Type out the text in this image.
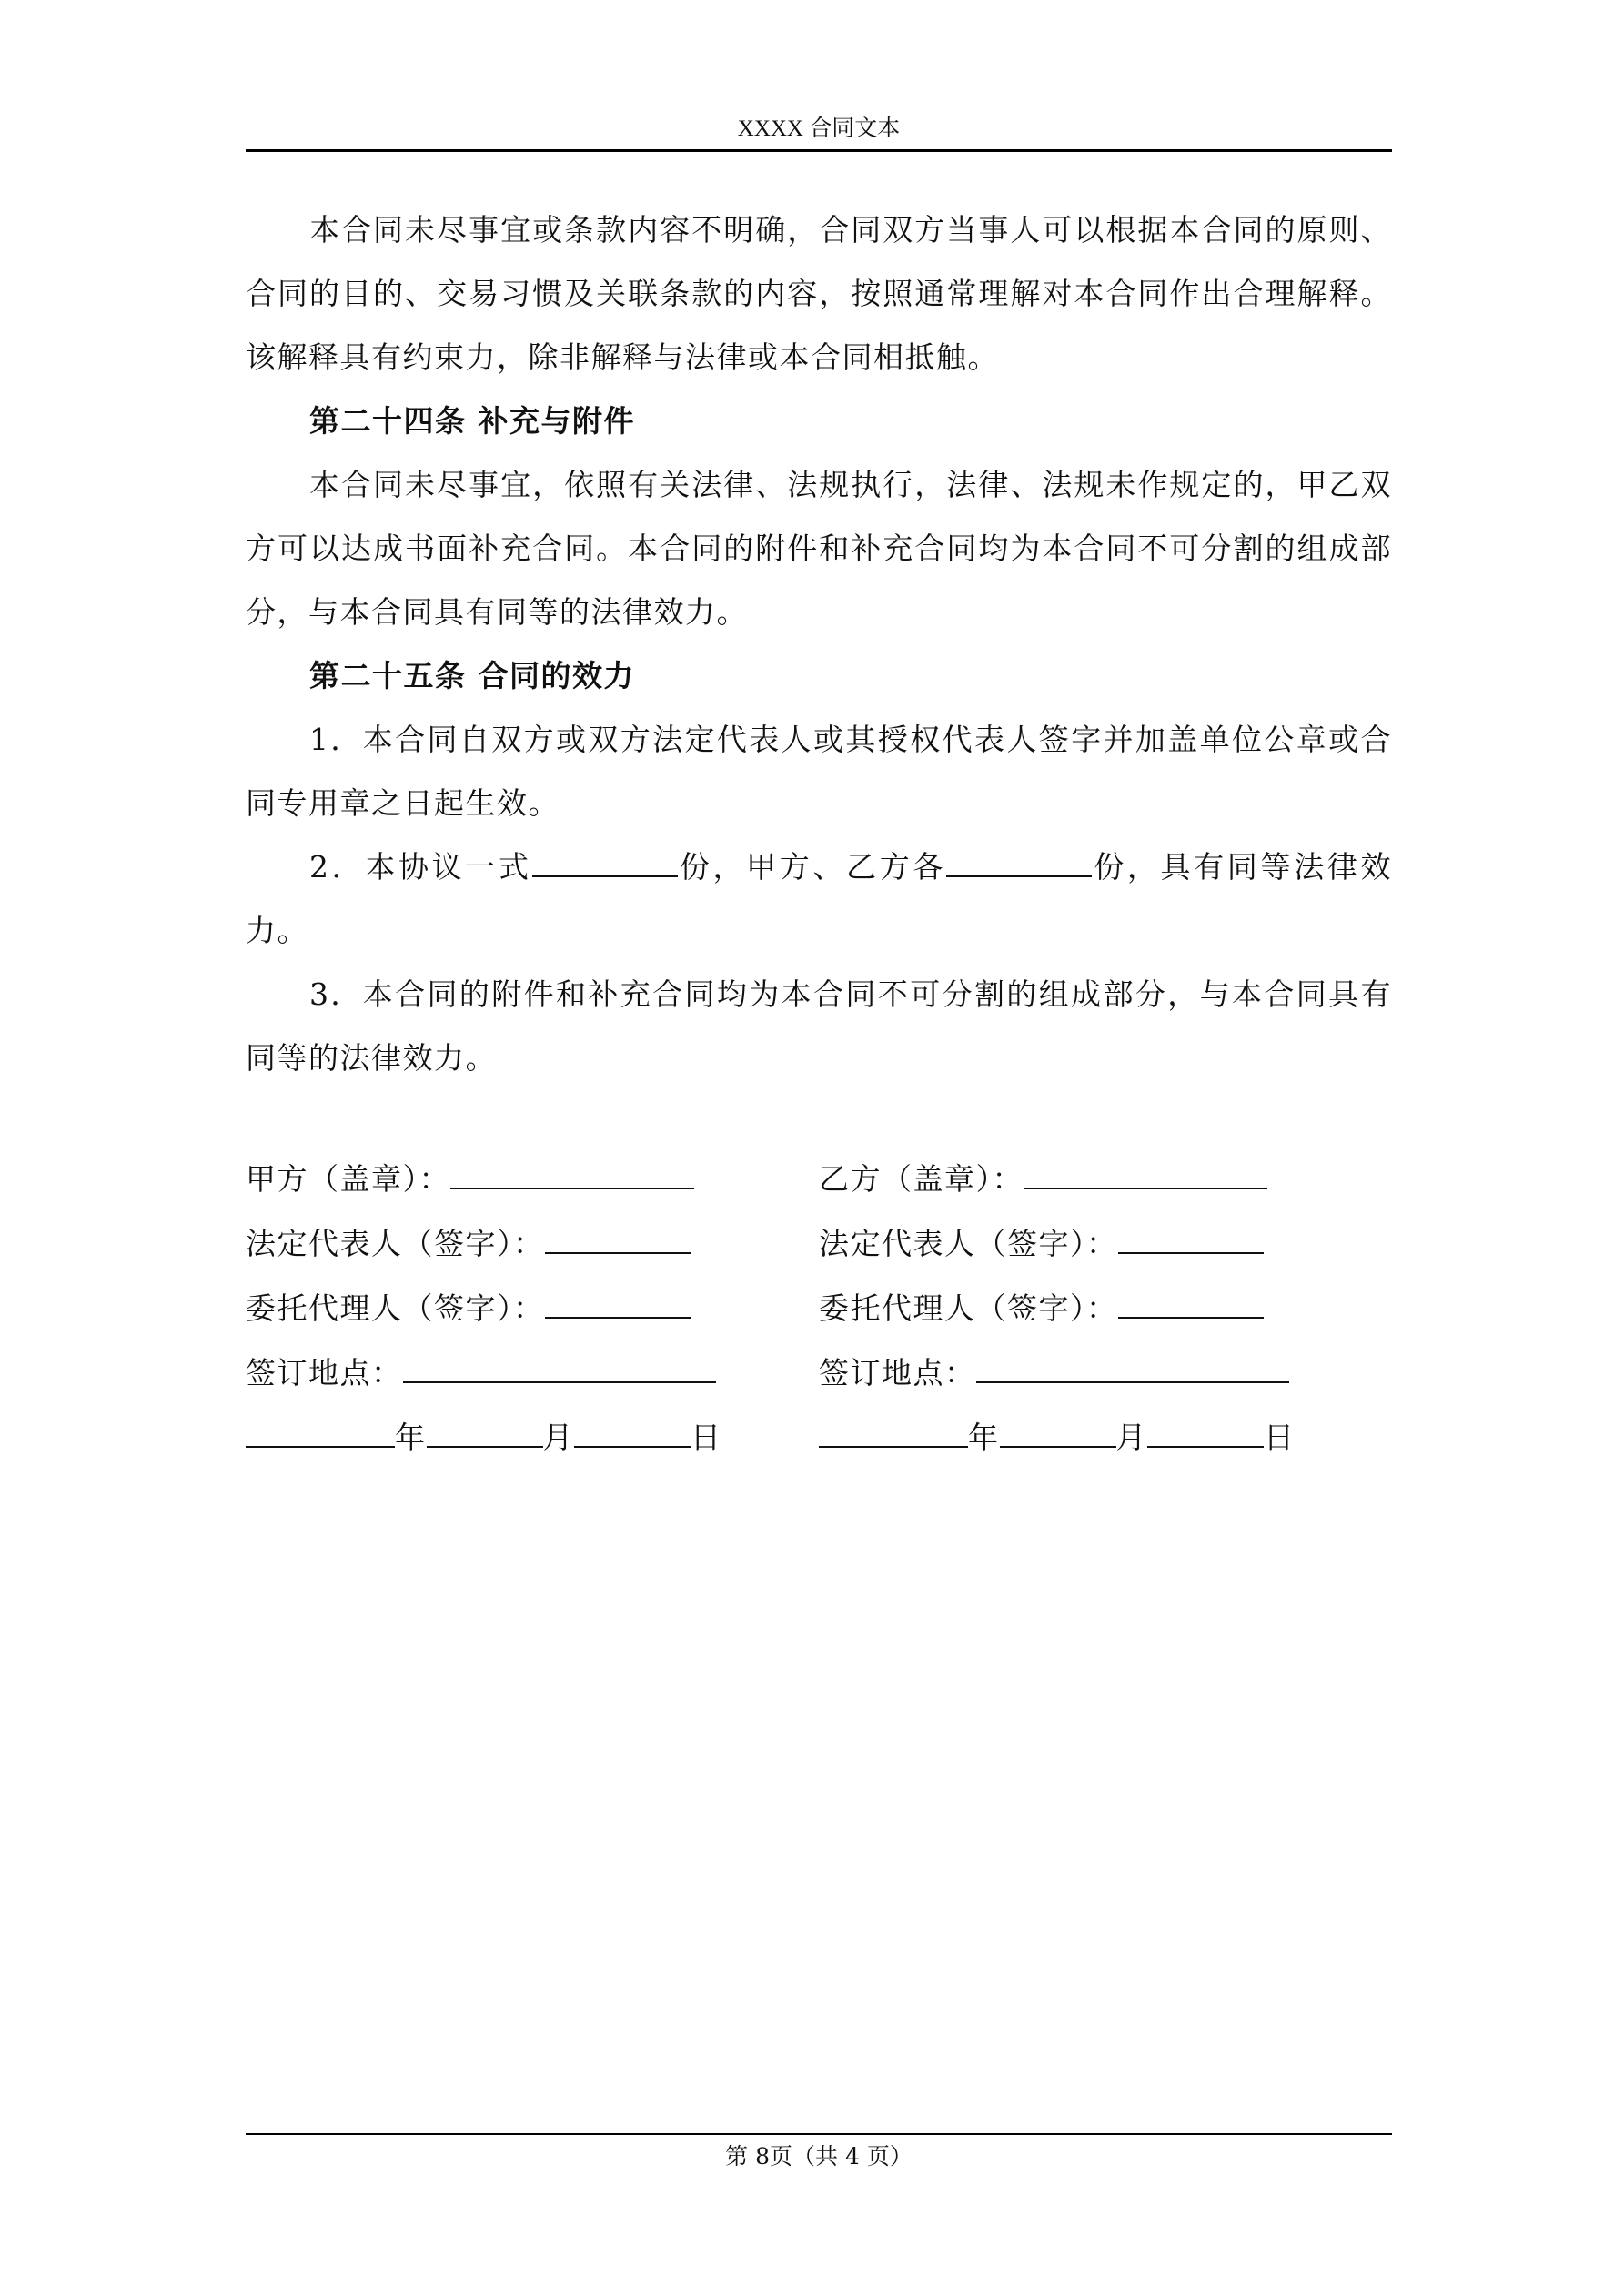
XXXX 合同文本

本合同未尽事宜或条款内容不明确，合同双方当事人可以根据本合同的原则、合同的目的、交易习惯及关联条款的内容，按照通常理解对本合同作出合理解释。该解释具有约束力，除非解释与法律或本合同相抵触。

第二十四条 补充与附件

本合同未尽事宜，依照有关法律、法规执行，法律、法规未作规定的，甲乙双方可以达成书面补充合同。本合同的附件和补充合同均为本合同不可分割的组成部分，与本合同具有同等的法律效力。

第二十五条 合同的效力

1．本合同自双方或双方法定代表人或其授权代表人签字并加盖单位公章或合同专用章之日起生效。

2．本协议一式	份，甲方、乙方各	份，具有同等法律效力。

3．本合同的附件和补充合同均为本合同不可分割的组成部分，与本合同具有同等的法律效力。

甲方（盖章）：	乙方（盖章）：
法定代表人（签字）：	法定代表人（签字）：
委托代理人（签字）：	委托代理人（签字）：
签订地点：	签订地点：
年	月	日	年	月	日
第 8页（共 4 页）
